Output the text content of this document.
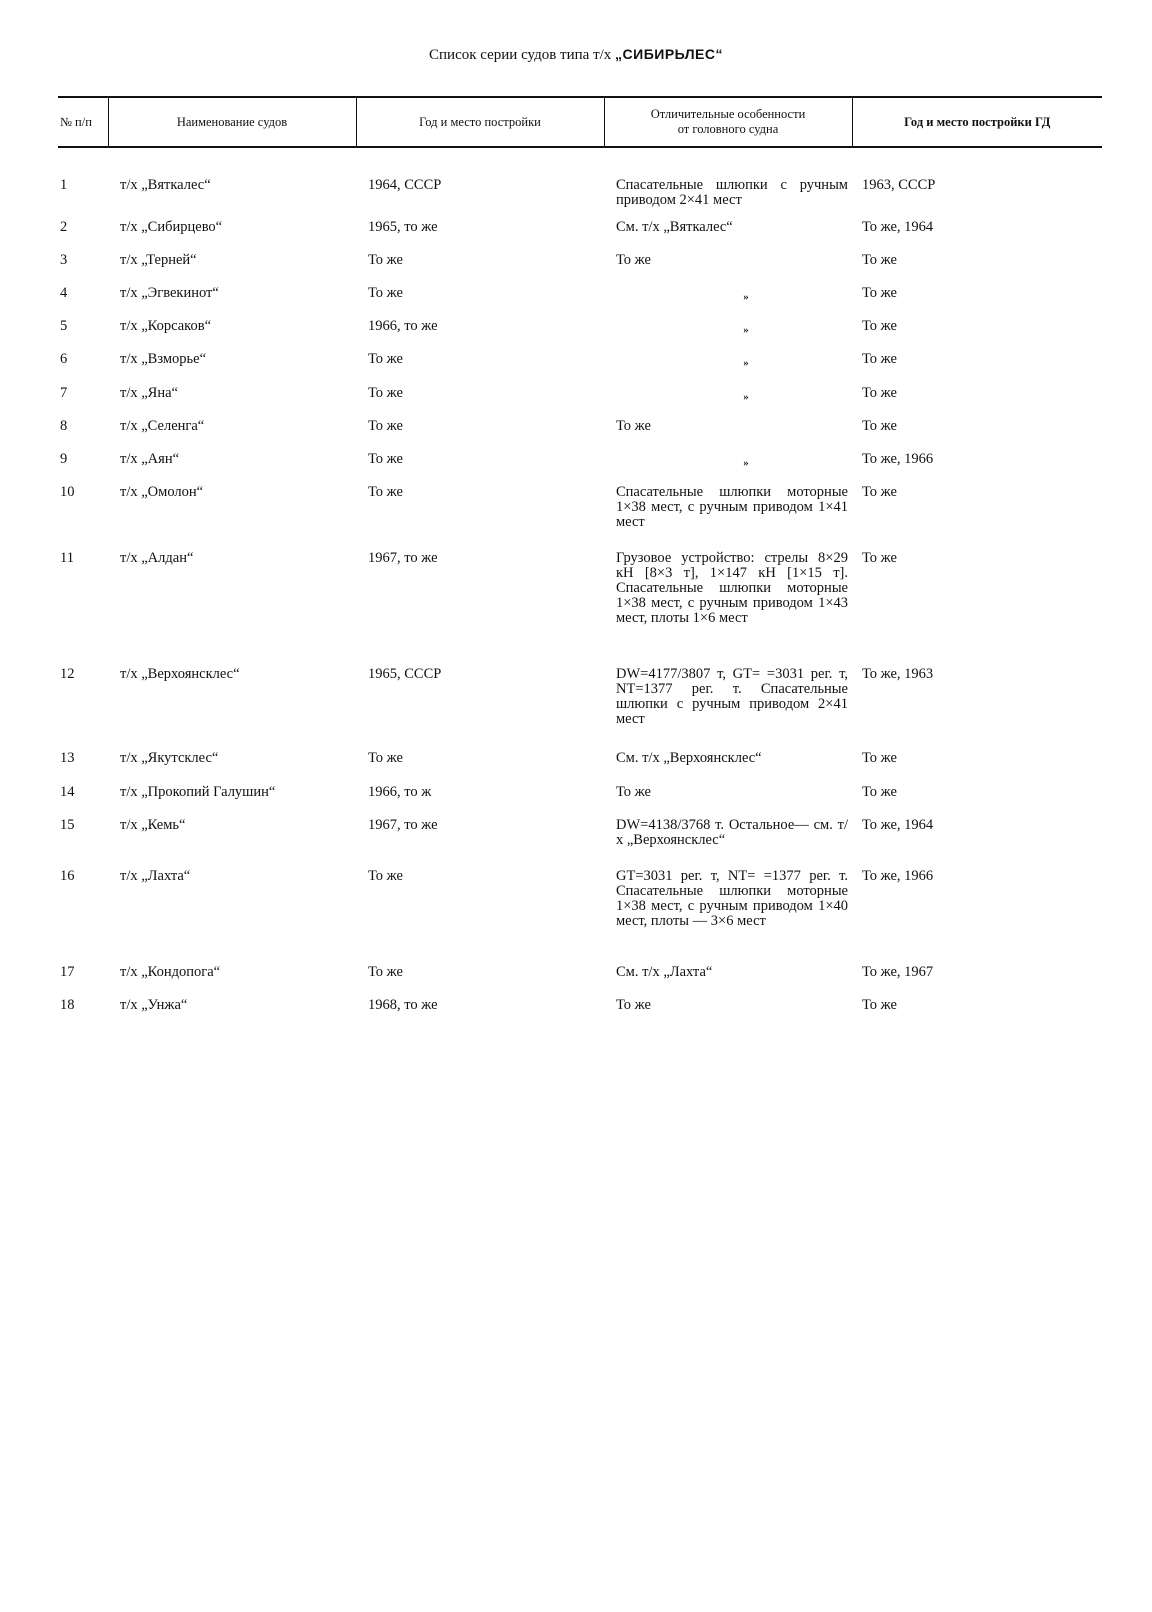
Список серии судов типа т/х „СИБИРЬЛЕС“
№ п/п	Наименование судов	Год и место постройки	Отличительные особенности от головного судна	Год и место постройки ГД

1	т/х „Вяткалес“	1964, СССР	Спасательные шлюпки с ручным приводом 2×41 мест	1963, СССР
2	т/х „Сибирцево“	1965, то же	См. т/х „Вяткалес“	То же, 1964
3	т/х „Терней“	То же	То же	То же
4	т/х „Эгвекинот“	То же	»	То же
5	т/х „Корсаков“	1966, то же	»	То же
6	т/х „Взморье“	То же	»	То же
7	т/х „Яна“	То же	»	То же
8	т/х „Селенга“	То же	То же	То же
9	т/х „Аян“	То же	»	То же, 1966
10	т/х „Омолон“	То же	Спасательные шлюпки моторные 1×38 мест, с ручным приводом 1×41 мест	То же
11	т/х „Алдан“	1967, то же	Грузовое устройство: стрелы 8×29 кН [8×3 т], 1×147 кН [1×15 т]. Спасательные шлюпки моторные 1×38 мест, с ручным приводом 1×43 мест, плоты 1×6 мест	То же
12	т/х „Верхоянсклес“	1965, СССР	DW=4177/3807 т, GT= =3031 рег. т, NT=1377 рег. т. Спасательные шлюпки с ручным приводом 2×41 мест	То же, 1963
13	т/х „Якутсклес“	То же	См. т/х „Верхоянсклес“	То же
14	т/х „Прокопий Галушин“	1966, то ж	То же	То же
15	т/х „Кемь“	1967, то же	DW=4138/3768 т. Остальное— см. т/х „Верхоянсклес“	То же, 1964
16	т/х „Лахта“	То же	GT=3031 рег. т, NT= =1377 рег. т. Спасательные шлюпки моторные 1×38 мест, с ручным приводом 1×40 мест, плоты — 3×6 мест	То же, 1966
17	т/х „Кондопога“	То же	См. т/х „Лахта“	То же, 1967
18	т/х „Унжа“	1968, то же	То же	То же
